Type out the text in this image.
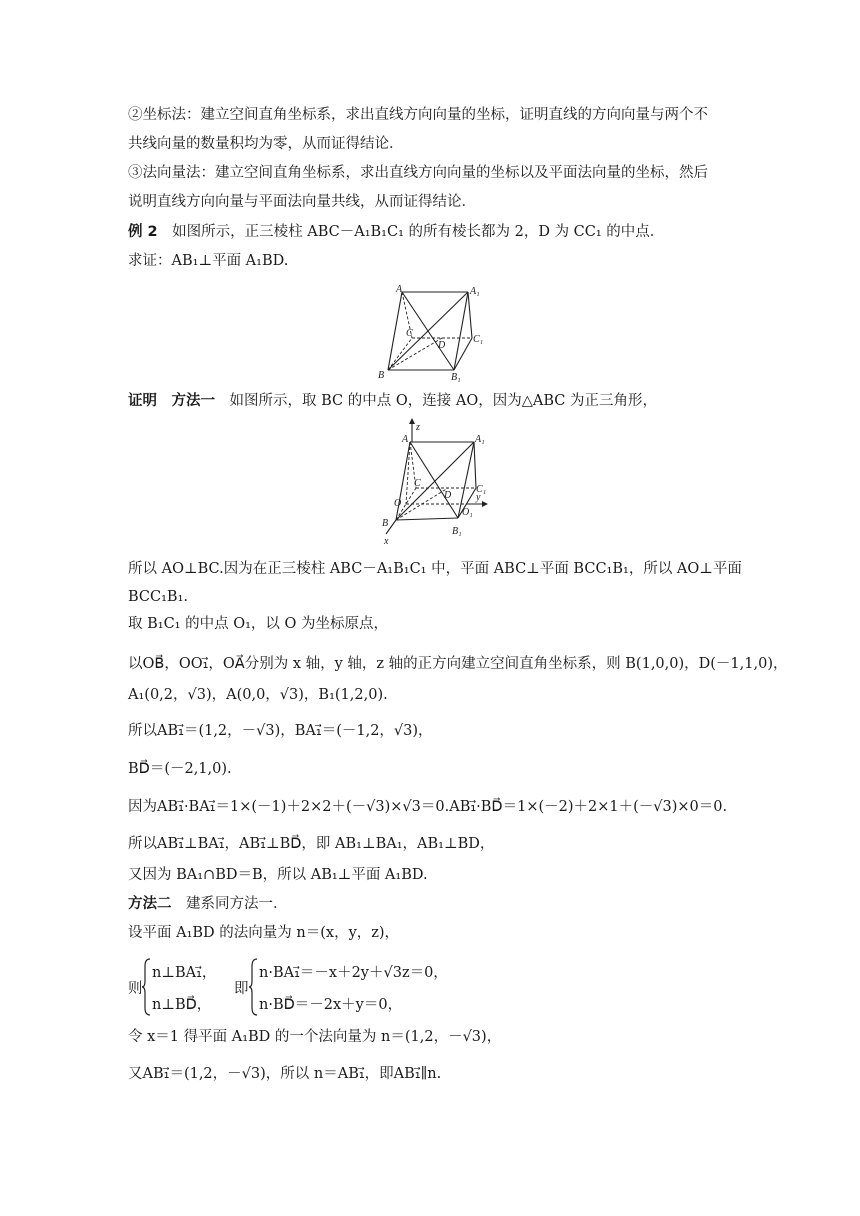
②坐标法：建立空间直角坐标系，求出直线方向向量的坐标，证明直线的方向向量与两个不
共线向量的数量积均为零，从而证得结论．
③法向量法：建立空间直角坐标系，求出直线方向向量的坐标以及平面法向量的坐标，然后
说明直线方向向量与平面法向量共线，从而证得结论．
例 2　 如图所示，正三棱柱 ABC－A₁B₁C₁ 的所有棱长都为 2，D 为 CC₁ 的中点．
求证：AB₁⊥平面 A₁BD.
A	A₁
C
C₁
D
B	B₁
证明　方法一　 如图所示，取 BC 的中点 O，连接 AO，因为△ABC 为正三角形，
z
A	A₁
C
C₁
D y
O
O₁
B
B₁
x
所以 AO⊥BC.因为在正三棱柱 ABC－A₁B₁C₁ 中，平面 ABC⊥平面 BCC₁B₁，所以 AO⊥平面
BCC₁B₁.
取 B₁C₁ 的中点 O₁，以 O 为坐标原点，
以OB⃗，OO₁⃗，OA⃗分别为 x 轴，y 轴，z 轴的正方向建立空间直角坐标系，则 B(1,0,0)，D(－1,1,0)，
A₁(0,2，√3)，A(0,0，√3)，B₁(1,2,0).
所以AB₁⃗＝(1,2，－√3)，BA₁⃗＝(－1,2，√3)，
BD⃗＝(－2,1,0).
因为AB₁⃗·BA₁⃗＝1×(－1)＋2×2＋(－√3)×√3＝0.AB₁⃗·BD⃗＝1×(－2)＋2×1＋(－√3)×0＝0.
所以AB₁⃗⊥BA₁⃗，AB₁⃗⊥BD⃗，即 AB₁⊥BA₁，AB₁⊥BD，
又因为 BA₁∩BD＝B，所以 AB₁⊥平面 A₁BD.
方法二　 建系同方法一．
设平面 A₁BD 的法向量为 n＝(x，y，z)，
则
n⊥BA₁⃗，
n⊥BD⃗，
即
n·BA₁⃗＝－x＋2y＋√3z＝0，
n·BD⃗＝－2x＋y＝0，
令 x＝1 得平面 A₁BD 的一个法向量为 n＝(1,2，－√3)，
又AB₁⃗＝(1,2，－√3)，所以 n＝AB₁⃗，即AB₁⃗∥n.
